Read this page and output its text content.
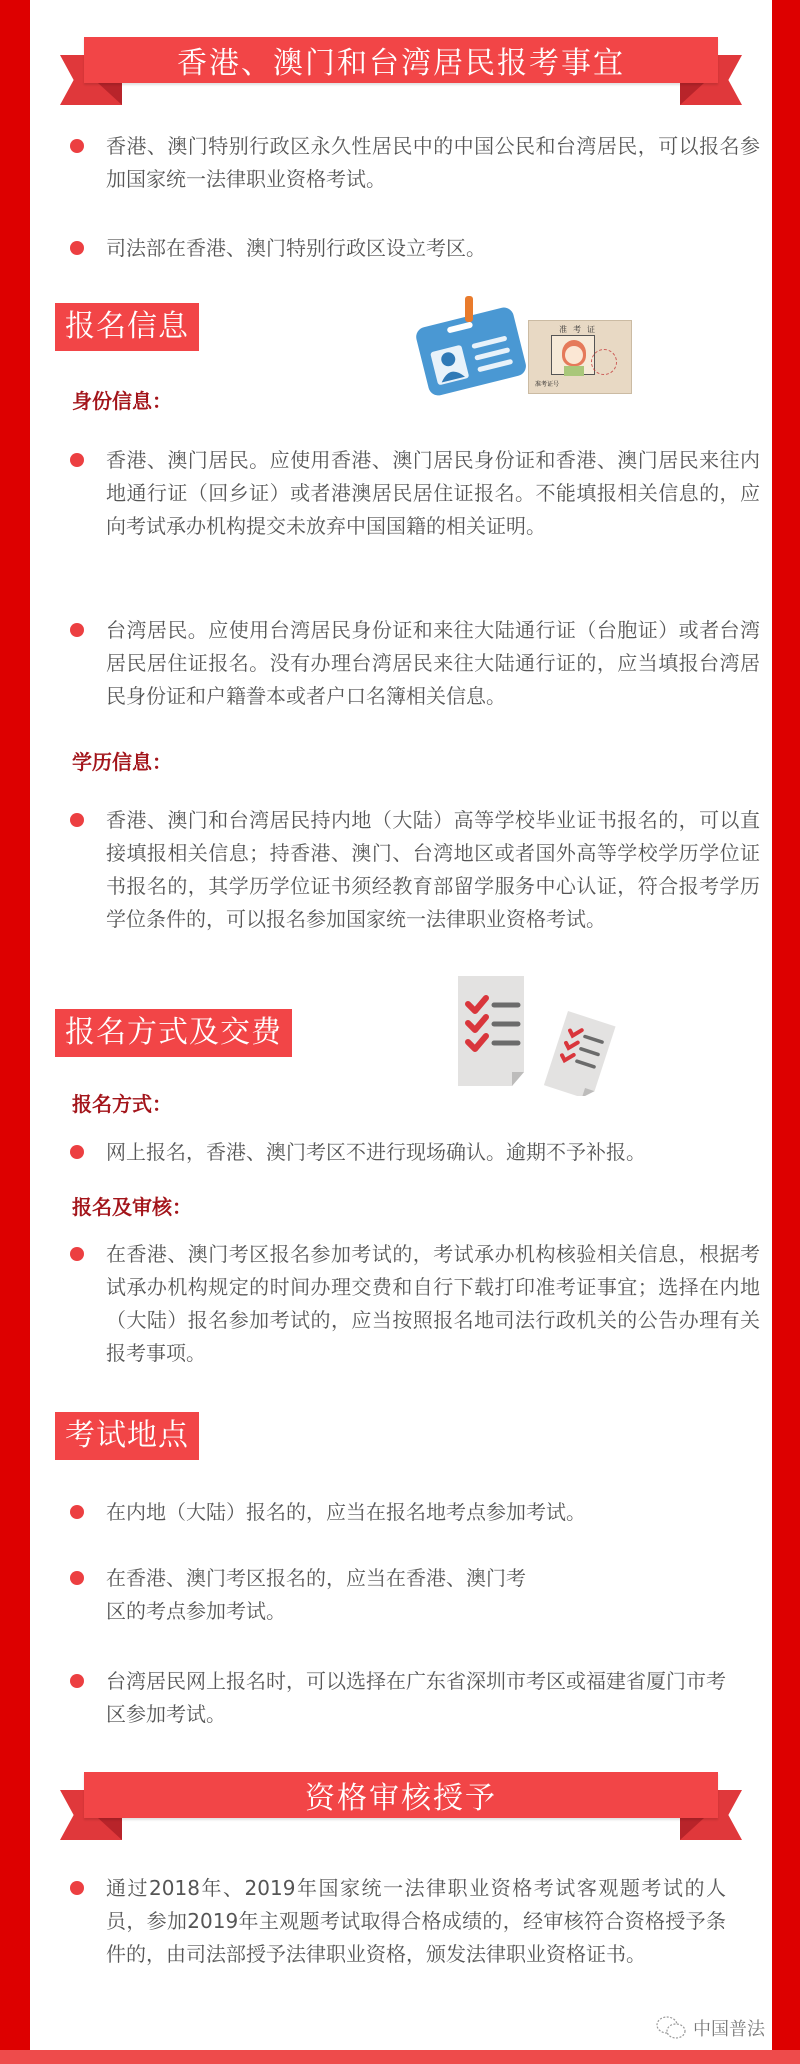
香港、澳门和台湾居民报考事宜
香港、澳门特别行政区永久性居民中的中国公民和台湾居民，可以报名参加国家统一法律职业资格考试。
司法部在香港、澳门特别行政区设立考区。
报名信息	准考证
准考证号
身份信息：
香港、澳门居民。应使用香港、澳门居民身份证和香港、澳门居民来往内地通行证（回乡证）或者港澳居民居住证报名。不能填报相关信息的，应向考试承办机构提交未放弃中国国籍的相关证明。
台湾居民。应使用台湾居民身份证和来往大陆通行证（台胞证）或者台湾居民居住证报名。没有办理台湾居民来往大陆通行证的，应当填报台湾居民身份证和户籍誊本或者户口名簿相关信息。
学历信息：
香港、澳门和台湾居民持内地（大陆）高等学校毕业证书报名的，可以直接填报相关信息；持香港、澳门、台湾地区或者国外高等学校学历学位证书报名的，其学历学位证书须经教育部留学服务中心认证，符合报考学历学位条件的，可以报名参加国家统一法律职业资格考试。
报名方式及交费
报名方式：
网上报名，香港、澳门考区不进行现场确认。逾期不予补报。
报名及审核：
在香港、澳门考区报名参加考试的，考试承办机构核验相关信息，根据考试承办机构规定的时间办理交费和自行下载打印准考证事宜；选择在内地（大陆）报名参加考试的，应当按照报名地司法行政机关的公告办理有关报考事项。
考试地点
在内地（大陆）报名的，应当在报名地考点参加考试。
在香港、澳门考区报名的，应当在香港、澳门考区的考点参加考试。
台湾居民网上报名时，可以选择在广东省深圳市考区或福建省厦门市考区参加考试。
资格审核授予
通过2018年、2019年国家统一法律职业资格考试客观题考试的人员，参加2019年主观题考试取得合格成绩的，经审核符合资格授予条件的，由司法部授予法律职业资格，颁发法律职业资格证书。
中国普法
